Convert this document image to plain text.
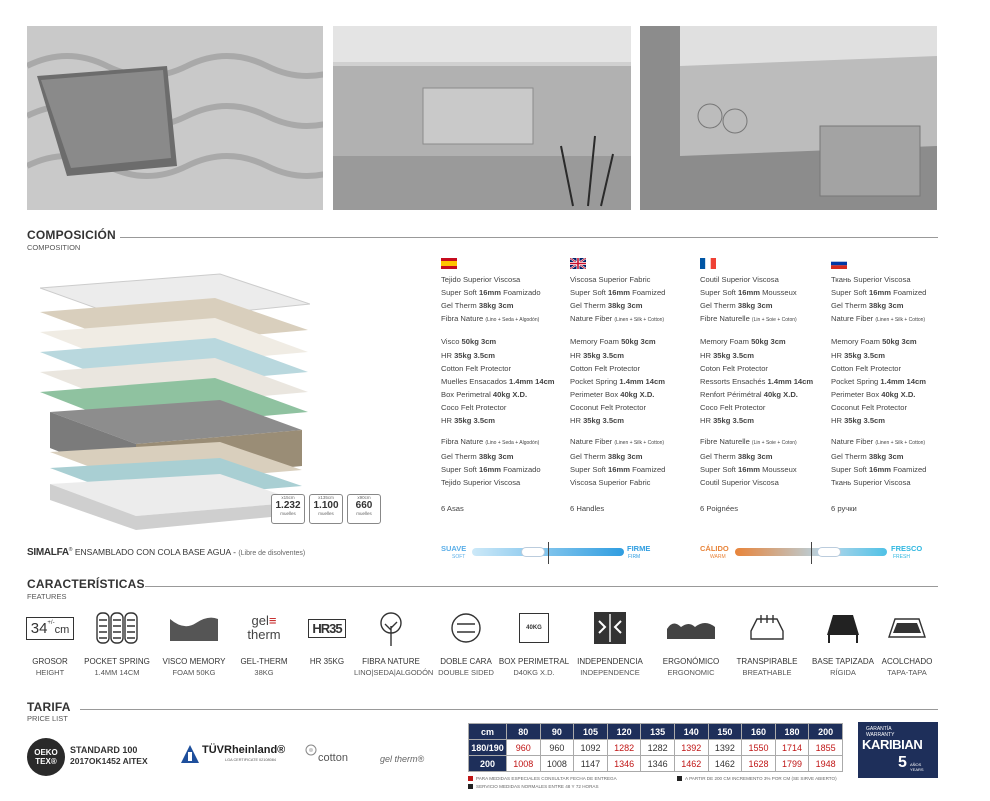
COMPOSICIÓN
COMPOSITION
x15cm
1.232
muelles
x135cm
1.100
muelles
x90cm
660
muelles
Tejido Superior Viscosa
Super Soft 16mm Foamizado
Gel Therm 38kg 3cm
Fibra Nature (Lino + Seda + Algodón)
Visco 50kg 3cm
HR 35kg 3.5cm
Cotton Felt Protector
Muelles Ensacados 1.4mm 14cm
Box Perimetral 40kg X.D.
Coco Felt Protector
HR 35kg 3.5cm
Fibra Nature (Lino + Seda + Algodón)
Gel Therm 38kg 3cm
Super Soft 16mm Foamizado
Tejido Superior Viscosa
6 Asas
Viscosa Superior Fabric
Super Soft 16mm Foamized
Gel Therm 38kg 3cm
Nature Fiber (Linen + Silk + Cotton)
Memory Foam 50kg 3cm
HR 35kg 3.5cm
Cotton Felt Protector
Pocket Spring 1.4mm 14cm
Perimeter Box 40kg X.D.
Coconut Felt Protector
HR 35kg 3.5cm
Nature Fiber (Linen + Silk + Cotton)
Gel Therm 38kg 3cm
Super Soft 16mm Foamized
Viscosa Superior Fabric
6 Handles
Coutil Superior Viscosa
Super Soft 16mm Mousseux
Gel Therm 38kg 3cm
Fibre Naturelle (Lin + Soie + Coton)
Memory Foam 50kg 3cm
HR 35kg 3.5cm
Coton Felt Protector
Ressorts Ensachés 1.4mm 14cm
Renfort Périmétral 40kg X.D.
Coco Felt Protector
HR 35kg 3.5cm
Fibre Naturelle (Lin + Soie + Coton)
Gel Therm 38kg 3cm
Super Soft 16mm Mousseux
Coutil Superior Viscosa
6 Poignées
Ткань Superior Viscosa
Super Soft 16mm Foamized
Gel Therm 38kg 3cm
Nature Fiber (Linen + Silk + Cotton)
Memory Foam 50kg 3cm
HR 35kg 3.5cm
Cotton Felt Protector
Pocket Spring 1.4mm 14cm
Perimeter Box 40kg X.D.
Coconut Felt Protector
HR 35kg 3.5cm
Nature Fiber (Linen + Silk + Cotton)
Gel Therm 38kg 3cm
Super Soft 16mm Foamized
Ткань Superior Viscosa
6 ручки
SIMALFA® ENSAMBLADO CON COLA BASE AGUA - (Libre de disolventes)
SUAVE
SOFT
FIRME
FIRM
CÁLIDO
WARM
FRESCO
FRESH
CARACTERÍSTICAS
FEATURES
34 +/-
cm
GROSOR
HEIGHT
POCKET SPRING
1.4MM 14CM
VISCO MEMORY
FOAM 50KG
gel≡
therm
GEL-THERM
38KG
HR35
HR 35KG	FIBRA NATURE
LINO|SEDA|ALGODÓN
DOBLE CARA
DOUBLE SIDED
40KG
BOX PERIMETRAL
D40KG X.D.
INDEPENDENCIA
INDEPENDENCE
ERGONÓMICO
ERGONOMIC
TRANSPIRABLE
BREATHABLE
BASE TAPIZADA
RÍGIDA
ACOLCHADO
TAPA-TAPA
TARIFA
PRICE LIST
OEKO TEX®
STANDARD 100
2017OK1452 AITEX
TÜVRheinland®
LGA CERTIFICATE 02108084	cotton	gel therm®
cm	80	90	105	120	135	140	150	160	180	200
180/190	960	960	1092	1282	1282	1392	1392	1550	1714	1855
200	1008	1008	1147	1346	1346	1462	1462	1628	1799	1948
PARA MEDIDAS ESPECIALES CONSULTAR FECHA DE ENTREGA
SERVICIO MEDIDAS NORMALES ENTRE 48 Y 72 HORAS
A PARTIR DE 200 CM INCREMENTO 3% POR CM (SE SIRVE ABIERTO)
GARANTÍA
WARRANTY
KARIBIAN
5 AÑOS YEARS
